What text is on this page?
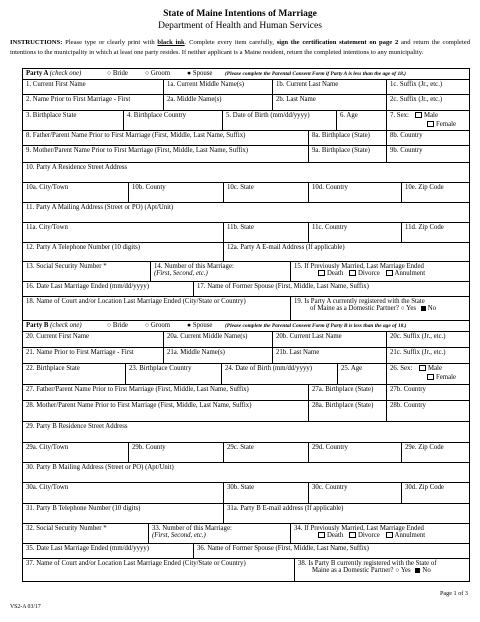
State of Maine Intentions of Marriage
Department of Health and Human Services
INSTRUCTIONS: Please type or clearly print with black ink. Complete every item carefully, sign the certification statement on page 2 and return the completed intentions to the municipality in which at least one party resides. If neither applicant is a Maine resident, return the completed intentions to any municipality.
Party A (check one)	○ Bride	○ Groom ● Spouse (Please complete the Parental Consent Form if Party A is less than the age of 18.)
1. Current First Name	1a. Current Middle Name(s)	1b. Current Last Name	1c. Suffix (Jr., etc.)
2. Name Prior to First Marriage - First	2a. Middle Name(s)	2b. Last Name	2c. Suffix (Jr., etc.)
3. Birthplace State	4. Birthplace Country	5. Date of Birth (mm/dd/yyyy)	6. Age	7. Sex:	Male
Female
8. Father/Parent Name Prior to First Marriage (First, Middle, Last Name, Suffix)	8a. Birthplace (State)	8b. Country
9. Mother/Parent Name Prior to First Marriage (First, Middle, Last Name, Suffix)	9a. Birthplace (State)	9b. Country
10. Party A Residence Street Address
10a. City/Town	10b. County	10c. State	10d. Country	10e. Zip Code
11. Party A Mailing Address (Street or PO) (Apt/Unit)
11a. City/Town	11b. State	11c. Country	11d. Zip Code
12. Party A Telephone Number (10 digits)	12a. Party A E-mail Address (If applicable)
13. Social Security Number *	14. Number of this Marriage:
(First, Second, etc.)
15. If Previously Married, Last Marriage Ended
Death Divorce Annulment
16. Date Last Marriage Ended (mm/dd/yyyy)	17. Name of Former Spouse (First, Middle, Last Name, Suffix)
18. Name of Court and/or Location Last Marriage Ended (City/State or Country)	19. Is Party A currently registered with the State
of Maine as a Domestic Partner? ○ Yes No
Party B (check one)	○ Bride	○ Groom ● Spouse (Please complete the Parental Consent Form if Party B is less than the age of 18.)
20. Current First Name	20a. Current Middle Name(s)	20b. Current Last Name	20c. Suffix (Jr., etc.)
21. Name Prior to First Marriage - First	21a. Middle Name(s)	21b. Last Name	21c. Suffix (Jr., etc.)
22. Birthplace State	23. Birthplace Country	24. Date of Birth (mm/dd/yyyy)	25. Age	26. Sex:	Male
Female
27. Father/Parent Name Prior to First Marriage (First, Middle, Last Name, Suffix)	27a. Birthplace (State)	27b. Country
28. Mother/Parent Name Prior to First Marriage (First, Middle, Last Name, Suffix)	28a. Birthplace (State)	28b. Country
29. Party B Residence Street Address
29a. City/Town	29b. County	29c. State	29d. Country	29e. Zip Code
30. Party B Mailing Address (Street or PO) (Apt/Unit)
30a. City/Town	30b. State	30c. Country	30d. Zip Code
31. Party B Telephone Number (10 digits)	31a. Party B E-mail address (If applicable)
32. Social Security Number *	33. Number of this Marriage:
(First, Second, etc.)
34. If Previously Married, Last Marriage Ended
Death Divorce Annulment
35. Date Last Marriage Ended (mm/dd/yyyy)	36. Name of Former Spouse (First, Middle, Last Name, Suffix)
37. Name of Court and/or Location Last Marriage Ended (City/State or Country)	38. Is Party B currently registered with the State of
Maine as a Domestic Partner? ○ Yes No
Page 1 of 3
VS2-A 03/17
